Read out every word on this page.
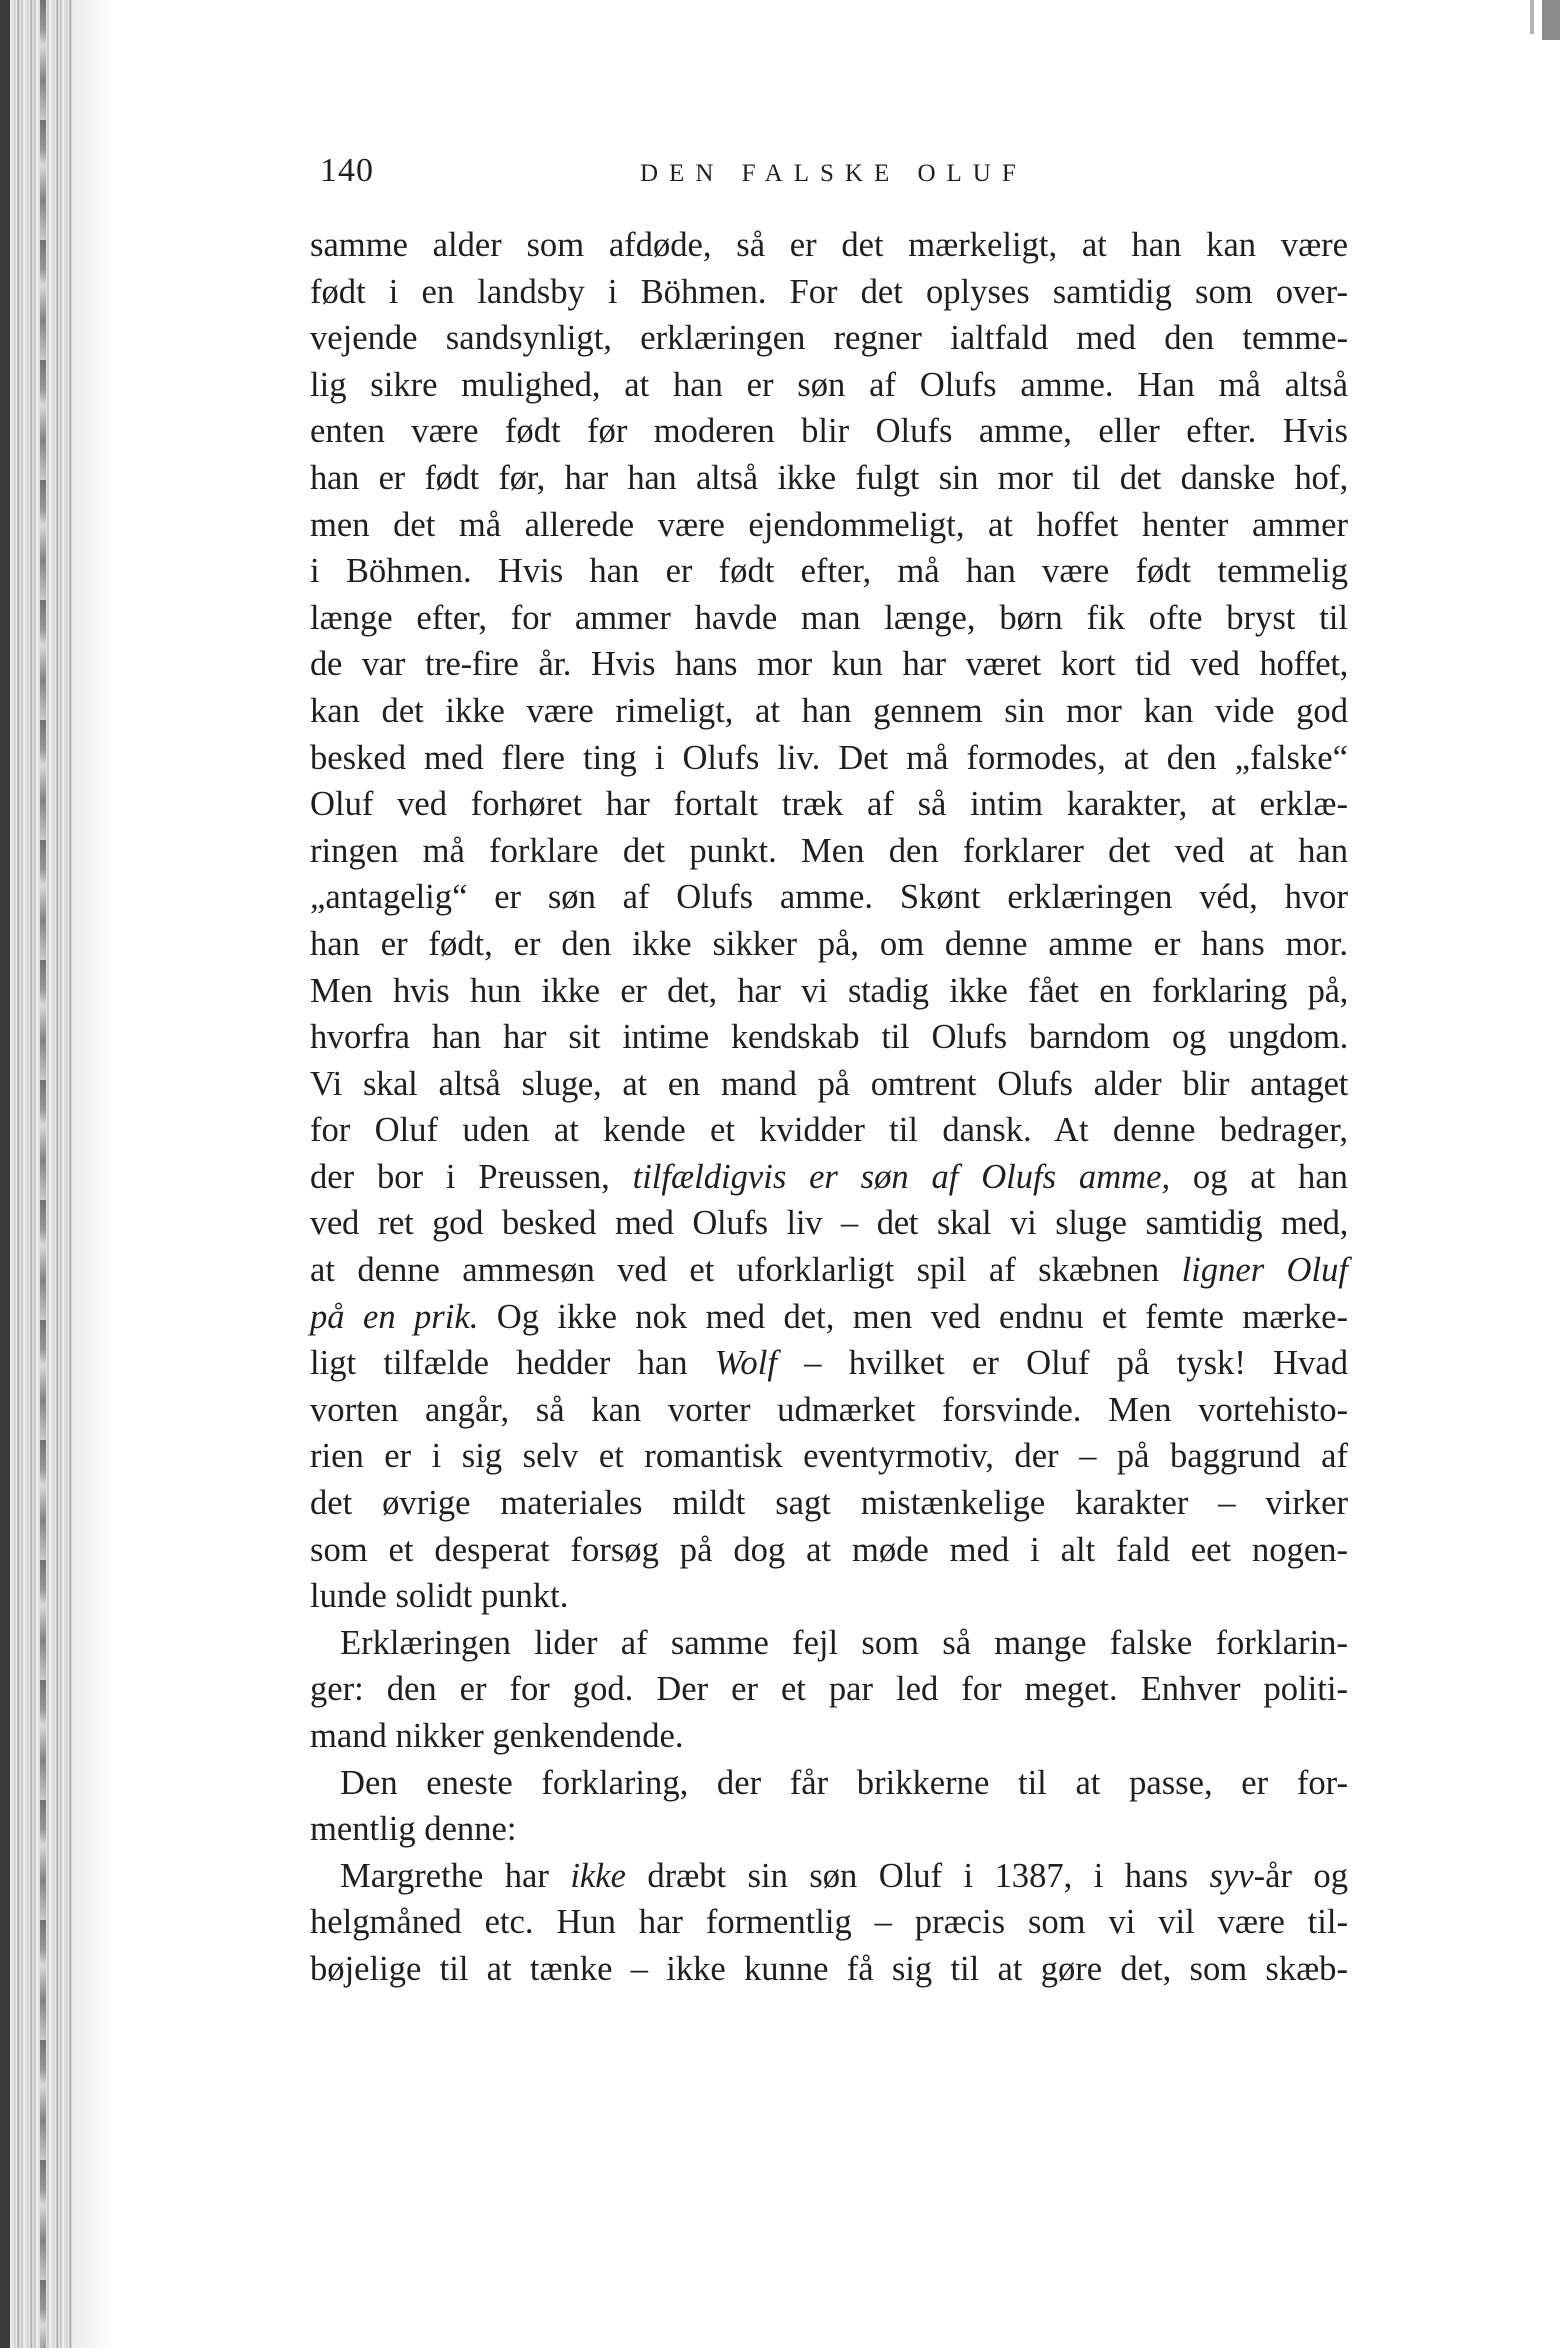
140	DEN FALSKE OLUF
samme alder som afdøde, så er det mærkeligt, at han kan være
født i en landsby i Böhmen. For det oplyses samtidig som over-
vejende sandsynligt, erklæringen regner ialtfald med den temme-
lig sikre mulighed, at han er søn af Olufs amme. Han må altså
enten være født før moderen blir Olufs amme, eller efter. Hvis
han er født før, har han altså ikke fulgt sin mor til det danske hof,
men det må allerede være ejendommeligt, at hoffet henter ammer
i Böhmen. Hvis han er født efter, må han være født temmelig
længe efter, for ammer havde man længe, børn fik ofte bryst til
de var tre-fire år. Hvis hans mor kun har været kort tid ved hoffet,
kan det ikke være rimeligt, at han gennem sin mor kan vide god
besked med flere ting i Olufs liv. Det må formodes, at den „falske“
Oluf ved forhøret har fortalt træk af så intim karakter, at erklæ-
ringen må forklare det punkt. Men den forklarer det ved at han
„antagelig“ er søn af Olufs amme. Skønt erklæringen véd, hvor
han er født, er den ikke sikker på, om denne amme er hans mor.
Men hvis hun ikke er det, har vi stadig ikke fået en forklaring på,
hvorfra han har sit intime kendskab til Olufs barndom og ungdom.
Vi skal altså sluge, at en mand på omtrent Olufs alder blir antaget
for Oluf uden at kende et kvidder til dansk. At denne bedrager,
der bor i Preussen, tilfældigvis er søn af Olufs amme, og at han
ved ret god besked med Olufs liv – det skal vi sluge samtidig med,
at denne ammesøn ved et uforklarligt spil af skæbnen ligner Oluf
på en prik. Og ikke nok med det, men ved endnu et femte mærke-
ligt tilfælde hedder han Wolf – hvilket er Oluf på tysk! Hvad
vorten angår, så kan vorter udmærket forsvinde. Men vortehisto-
rien er i sig selv et romantisk eventyrmotiv, der – på baggrund af
det øvrige materiales mildt sagt mistænkelige karakter – virker
som et desperat forsøg på dog at møde med i alt fald eet nogen-
lunde solidt punkt.
Erklæringen lider af samme fejl som så mange falske forklarin-
ger: den er for god. Der er et par led for meget. Enhver politi-
mand nikker genkendende.
Den eneste forklaring, der får brikkerne til at passe, er for-
mentlig denne:
Margrethe har ikke dræbt sin søn Oluf i 1387, i hans syv-år og
helgmåned etc. Hun har formentlig – præcis som vi vil være til-
bøjelige til at tænke – ikke kunne få sig til at gøre det, som skæb-
